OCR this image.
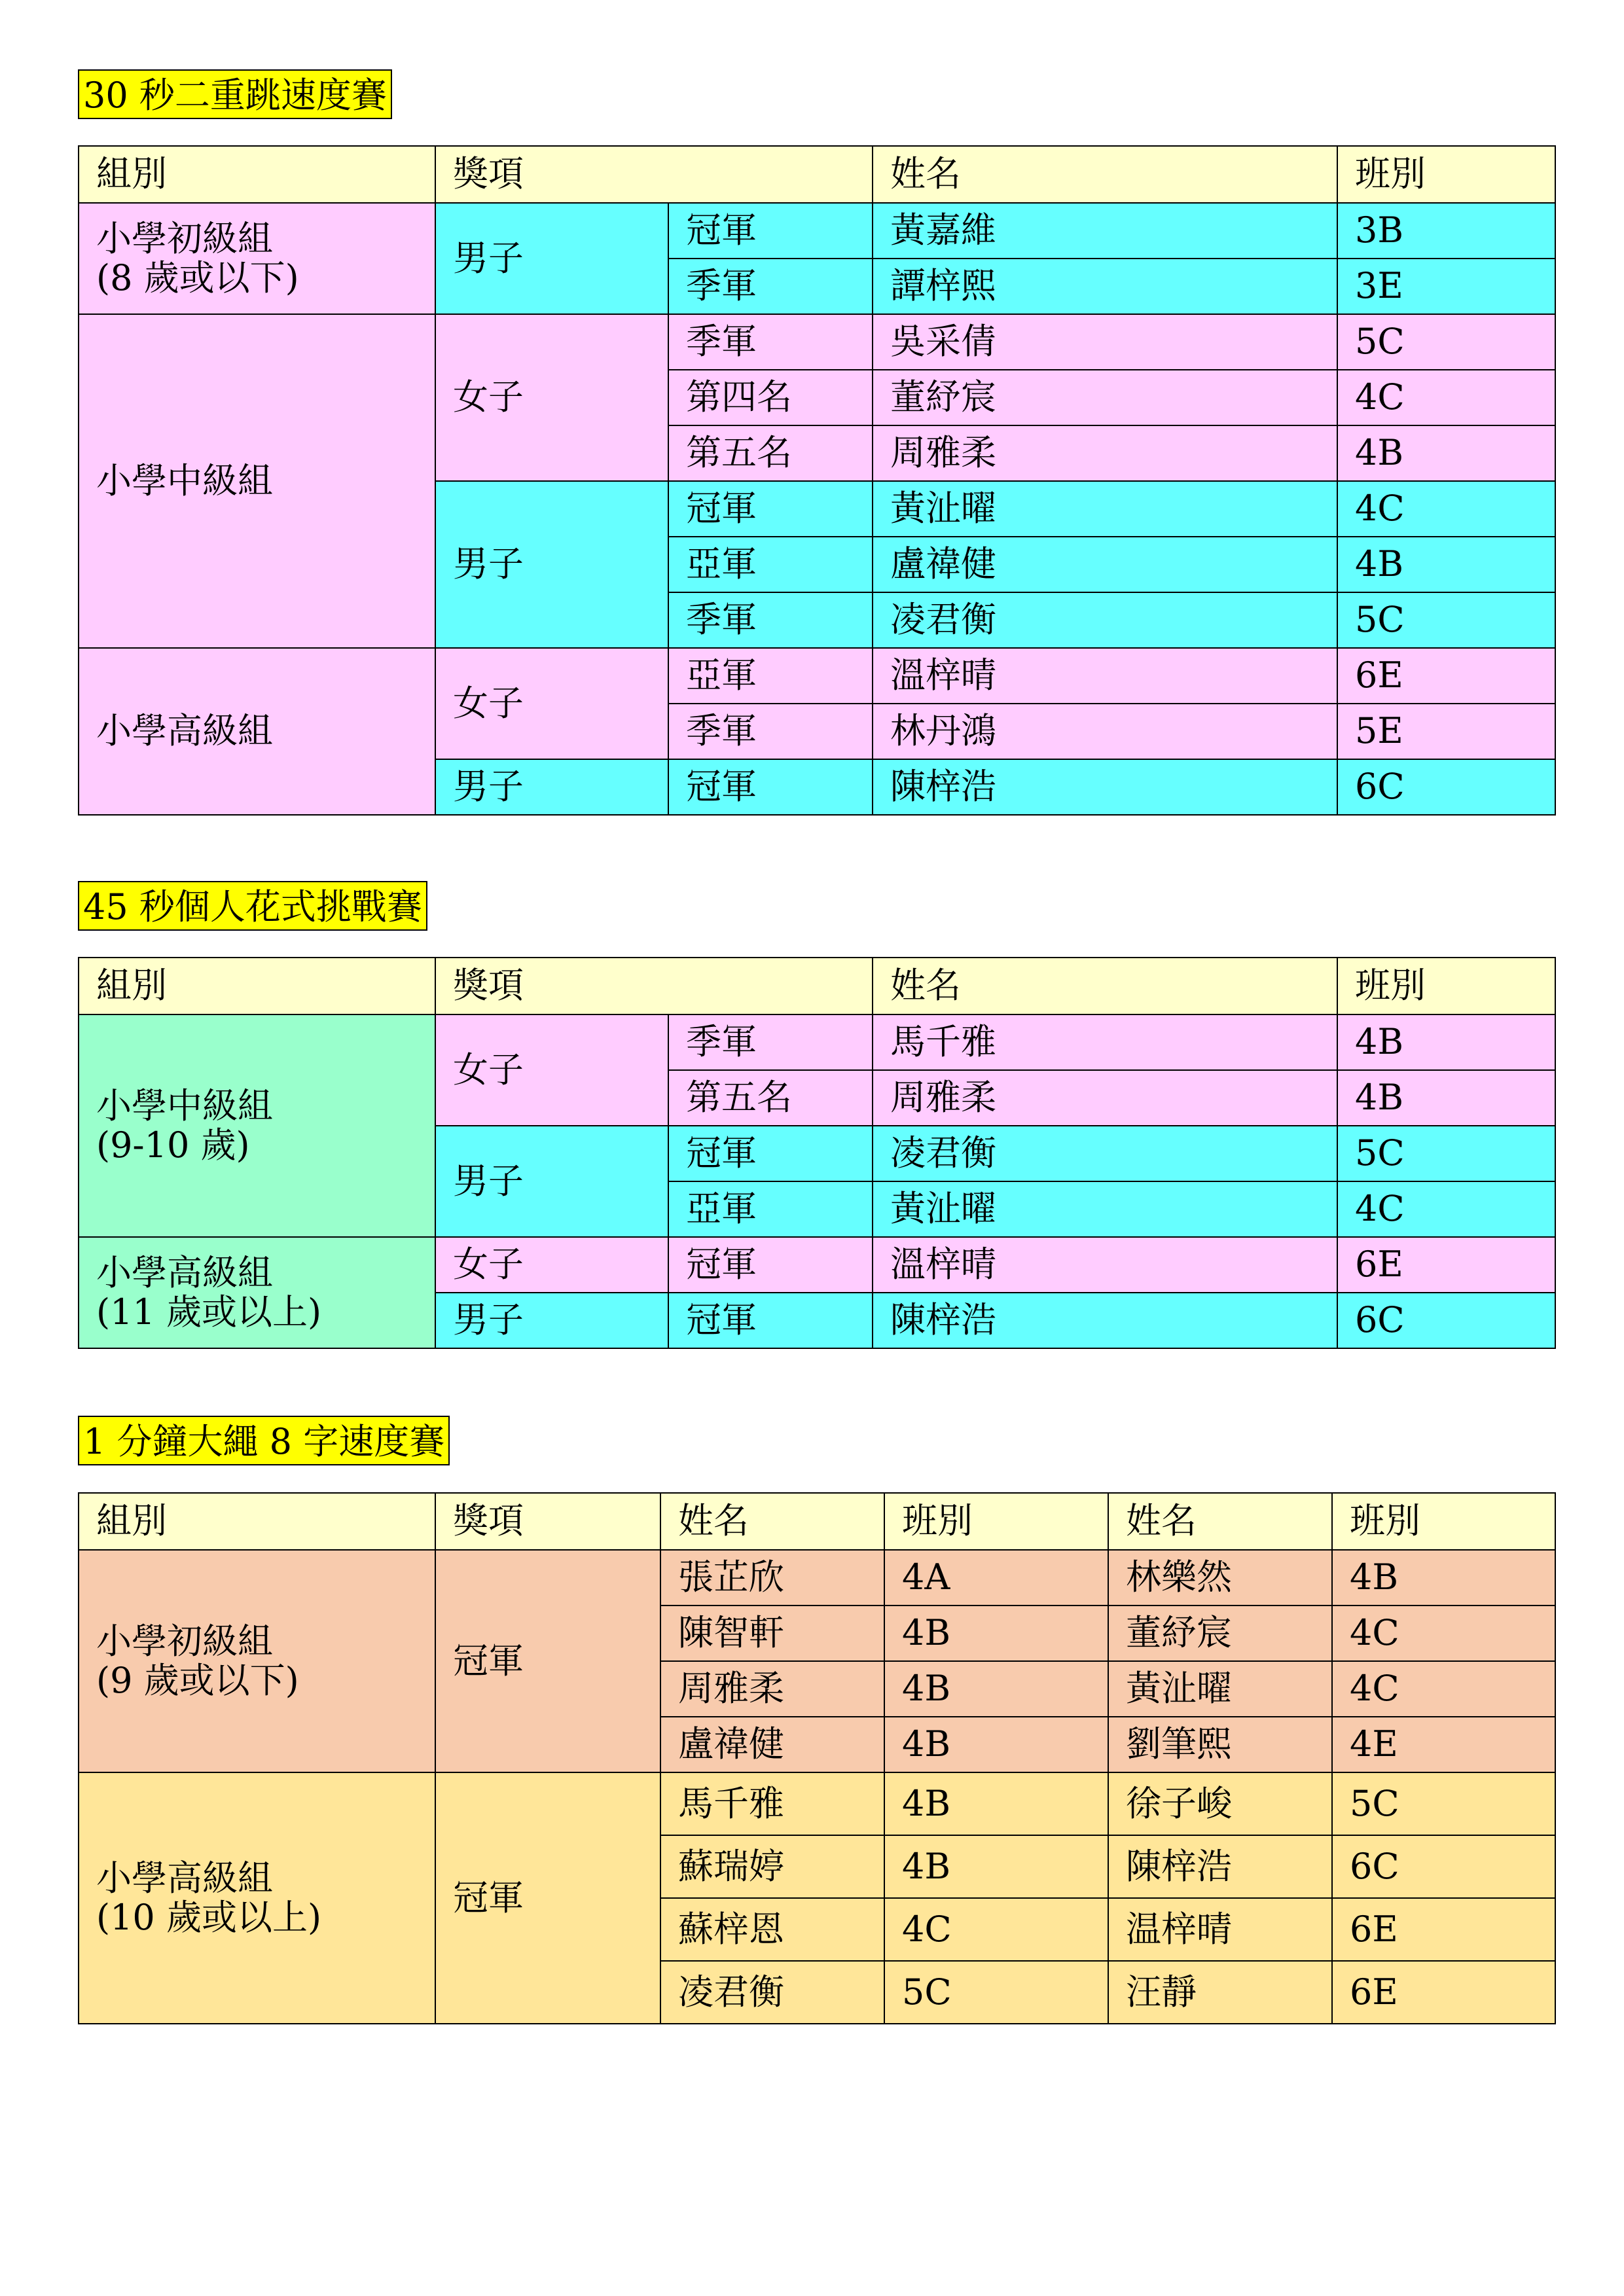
30 秒二重跳速度賽
組別	獎項		姓名	班別

小學初級組
(8 歲或以下)	男子	冠軍	黃嘉維	3B
		季軍	譚梓熙	3E

小學中級組	女子	季軍	吳采倩	5C
		第四名	董紓宸	4C
		第五名	周雅柔	4B
	男子	冠軍	黃沚曜	4C
		亞軍	盧禕健	4B
		季軍	凌君衡	5C

小學高級組	女子	亞軍	溫梓晴	6E
		季軍	林丹鴻	5E
	男子	冠軍	陳梓浩	6C
45 秒個人花式挑戰賽
組別	獎項		姓名	班別

小學中級組
(9-10 歲)	女子	季軍	馬千雅	4B
		第五名	周雅柔	4B
	男子	冠軍	凌君衡	5C
		亞軍	黃沚曜	4C

小學高級組
(11 歲或以上)	女子	冠軍	溫梓晴	6E
	男子	冠軍	陳梓浩	6C
1 分鐘大繩 8 字速度賽
組別	獎項	姓名	班別	姓名	班別

小學初級組
(9 歲或以下)	冠軍	張芷欣	4A	林樂然	4B
		陳智軒	4B	董紓宸	4C
		周雅柔	4B	黃沚曜	4C
		盧禕健	4B	劉筆熙	4E

小學高級組
(10 歲或以上)	冠軍	馬千雅	4B	徐子峻	5C
		蘇瑞婷	4B	陳梓浩	6C
		蘇梓恩	4C	温梓晴	6E
		凌君衡	5C	汪靜	6E
